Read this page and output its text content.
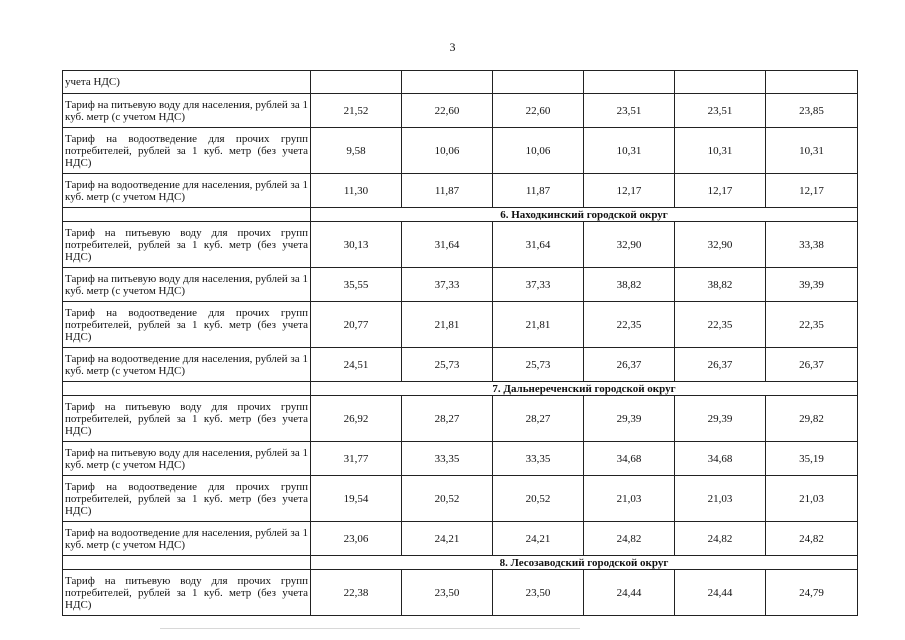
3
учета НДС)						
Тариф на питьевую воду для населения, рублей за 1 куб. метр (с учетом НДС)	21,52	22,60	22,60	23,51	23,51	23,85
Тариф на водоотведение для прочих групп потребителей, рублей за 1 куб. метр (без учета НДС)	9,58	10,06	10,06	10,31	10,31	10,31
Тариф на водоотведение для населения, рублей за 1 куб. метр (с учетом НДС)	11,30	11,87	11,87	12,17	12,17	12,17
	6. Находкинский городской округ					
Тариф на питьевую воду для прочих групп потребителей, рублей за 1 куб. метр (без учета НДС)	30,13	31,64	31,64	32,90	32,90	33,38
Тариф на питьевую воду для населения, рублей за 1 куб. метр (с учетом НДС)	35,55	37,33	37,33	38,82	38,82	39,39
Тариф на водоотведение для прочих групп потребителей, рублей за 1 куб. метр (без учета НДС)	20,77	21,81	21,81	22,35	22,35	22,35
Тариф на водоотведение для населения, рублей за 1 куб. метр (с учетом НДС)	24,51	25,73	25,73	26,37	26,37	26,37
	7. Дальнереченский городской округ					
Тариф на питьевую воду для прочих групп потребителей, рублей за 1 куб. метр (без учета НДС)	26,92	28,27	28,27	29,39	29,39	29,82
Тариф на питьевую воду для населения, рублей за 1 куб. метр (с учетом НДС)	31,77	33,35	33,35	34,68	34,68	35,19
Тариф на водоотведение для прочих групп потребителей, рублей за 1 куб. метр (без учета НДС)	19,54	20,52	20,52	21,03	21,03	21,03
Тариф на водоотведение для населения, рублей за 1 куб. метр (с учетом НДС)	23,06	24,21	24,21	24,82	24,82	24,82
	8. Лесозаводский городской округ					
Тариф на питьевую воду для прочих групп потребителей, рублей за 1 куб. метр (без учета НДС)	22,38	23,50	23,50	24,44	24,44	24,79
